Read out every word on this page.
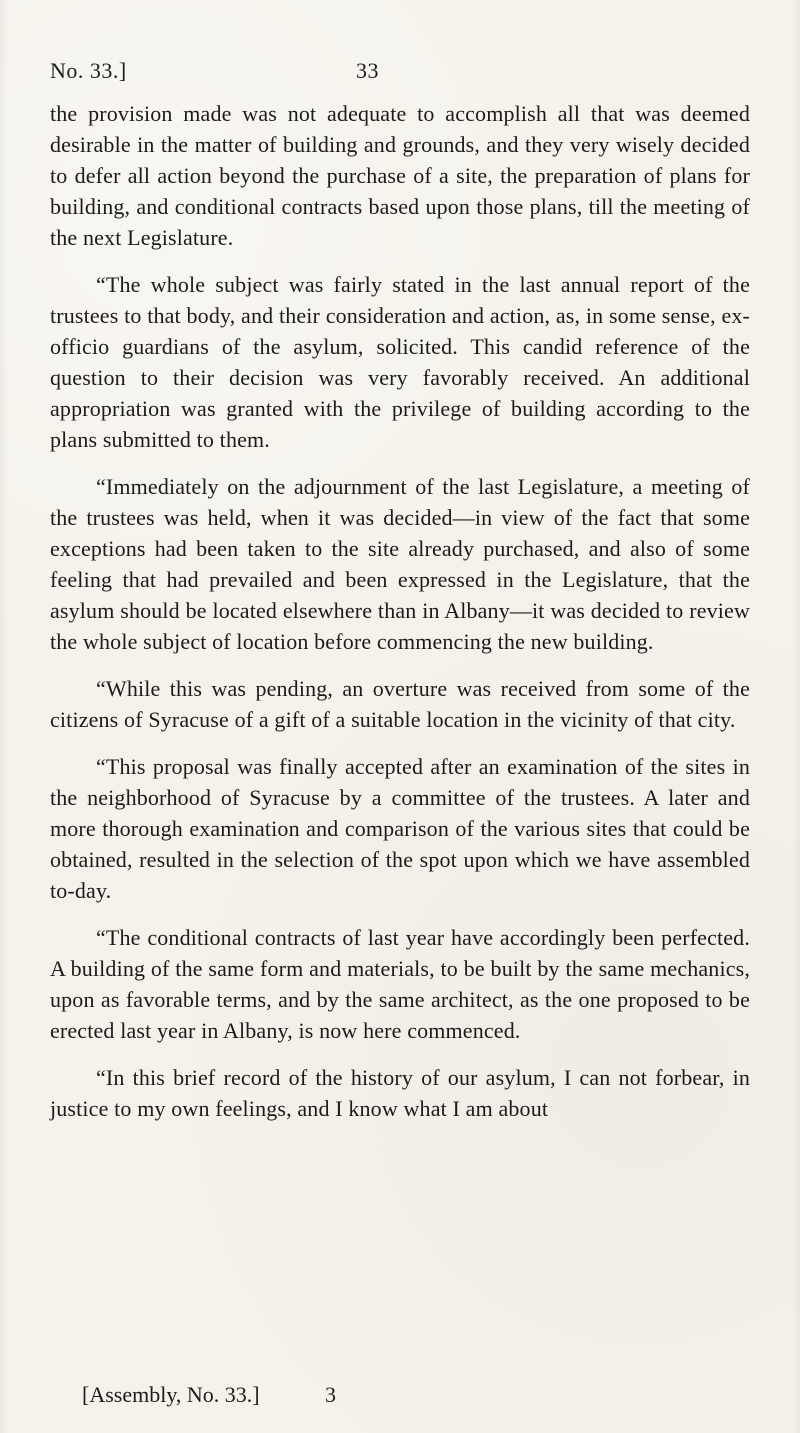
No. 33.]	33

the provision made was not adequate to accomplish all that was deemed desirable in the matter of building and grounds, and they very wisely decided to defer all action beyond the purchase of a site, the preparation of plans for building, and conditional contracts based upon those plans, till the meeting of the next Legislature.

“The whole subject was fairly stated in the last annual report of the trustees to that body, and their consideration and action, as, in some sense, ex-officio guardians of the asylum, solicited. This candid reference of the question to their decision was very favorably received. An additional appropriation was granted with the privilege of building according to the plans submitted to them.

“Immediately on the adjournment of the last Legislature, a meeting of the trustees was held, when it was decided—in view of the fact that some exceptions had been taken to the site already purchased, and also of some feeling that had prevailed and been expressed in the Legislature, that the asylum should be located elsewhere than in Albany—it was decided to review the whole subject of location before commencing the new building.

“While this was pending, an overture was received from some of the citizens of Syracuse of a gift of a suitable location in the vicinity of that city.

“This proposal was finally accepted after an examination of the sites in the neighborhood of Syracuse by a committee of the trustees. A later and more thorough examination and comparison of the various sites that could be obtained, resulted in the selection of the spot upon which we have assembled to-day.

“The conditional contracts of last year have accordingly been perfected. A building of the same form and materials, to be built by the same mechanics, upon as favorable terms, and by the same architect, as the one proposed to be erected last year in Albany, is now here commenced.

“In this brief record of the history of our asylum, I can not forbear, in justice to my own feelings, and I know what I am about

[Assembly, No. 33.]	3
